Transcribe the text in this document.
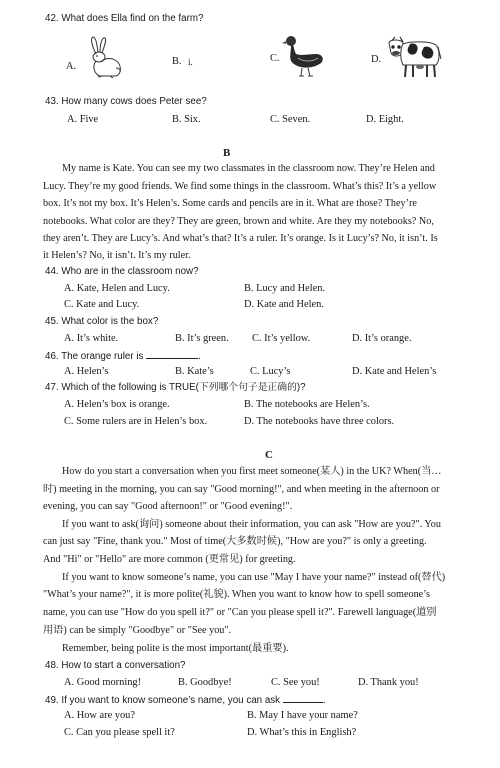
42. What does Ella find on the farm?
A.	B. i.	C.	D.
43. How many cows does Peter see?
A. Five	B. Six.	C. Seven.	D. Eight.
B
My name is Kate. You can see my two classmates in the classroom now. They’re Helen and
Lucy. They’re my good friends. We find some things in the classroom. What’s this? It’s a yellow
box. It’s not my box. It’s Helen’s. Some cards and pencils are in it. What are those? They’re
notebooks. What color are they? They are green, brown and white. Are they my notebooks? No,
they aren’t. They are Lucy’s. And what’s that? It’s a ruler. It’s orange. Is it Lucy’s? No, it isn’t. Is
it Helen’s? No, it isn’t. It’s my ruler.
44. Who are in the classroom now?
A. Kate, Helen and Lucy.	B. Lucy and Helen.
C. Kate and Lucy.	D. Kate and Helen.
45. What color is the box?
A. It’s white.	B. It’s green. C. It’s yellow.	D. It’s orange.
46. The orange ruler is	.
A. Helen’s	B. Kate’s	C. Lucy’s	D. Kate and Helen’s
47. Which of the following is TRUE(下列哪个句子是正确的)?
A. Helen’s box is orange.	B. The notebooks are Helen’s.
C. Some rulers are in Helen’s box.	D. The notebooks have three colors.
C
How do you start a conversation when you first meet someone(某人) in the UK? When(当…
时) meeting in the morning, you can say "Good morning!", and when meeting in the afternoon or
evening, you can say "Good afternoon!" or "Good evening!".
If you want to ask(询问) someone about their information, you can ask "How are you?". You
can just say "Fine, thank you." Most of time(大多数时候), "How are you?" is only a greeting.
And "Hi" or "Hello" are more common (更常见) for greeting.
If you want to know someone’s name, you can use "May I have your name?" instead of(替代)
"What’s your name?", it is more polite(礼貌). When you want to know how to spell someone’s
name, you can use "How do you spell it?" or "Can you please spell it?". Farewell language(道别
用语) can be simply "Goodbye" or "See you".
Remember, being polite is the most important(最重要).
48. How to start a conversation?
A. Good morning!	B. Goodbye!	C. See you!	D. Thank you!
49. If you want to know someone’s name, you can ask	.
A. How are you?	B. May I have your name?
C. Can you please spell it?	D. What’s this in English?
